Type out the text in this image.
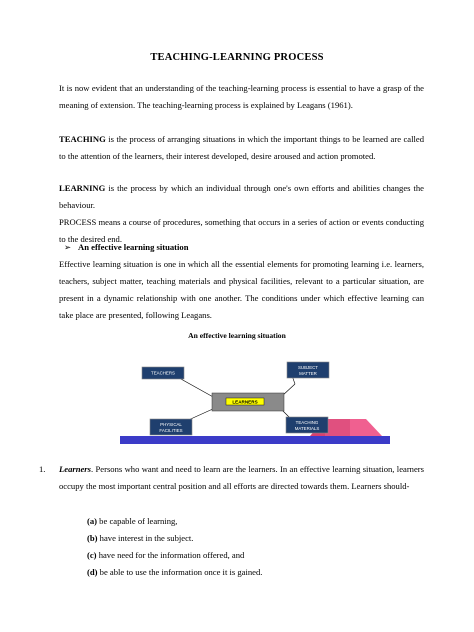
TEACHING-LEARNING PROCESS
It is now evident that an understanding of the teaching-learning process is essential to have a grasp of the meaning of extension. The teaching-learning process is explained by Leagans (1961).
TEACHING is the process of arranging situations in which the important things to be learned are called to the attention of the learners, their interest developed, desire aroused and action promoted.
LEARNING is the process by which an individual through one's own efforts and abilities changes the behaviour.
PROCESS means a course of procedures, something that occurs in a series of action or events conducting to the desired end.
➢ An effective learning situation
Effective learning situation is one in which all the essential elements for promoting learning i.e. learners, teachers, subject matter, teaching materials and physical facilities, relevant to a particular situation, are present in a dynamic relationship with one another. The conditions under which effective learning can take place are presented, following Leagans.
An effective learning situation
LEARNERS
TEACHERS
SUBJECT
MATTER
PHYSICAL
FACILITIES
TEACHING
MATERIALS
1. Learners. Persons who want and need to learn are the learners. In an effective learning situation, learners occupy the most important central position and all efforts are directed towards them. Learners should-
(a) be capable of learning,
(b) have interest in the subject.
(c) have need for the information offered, and
(d) be able to use the information once it is gained.
